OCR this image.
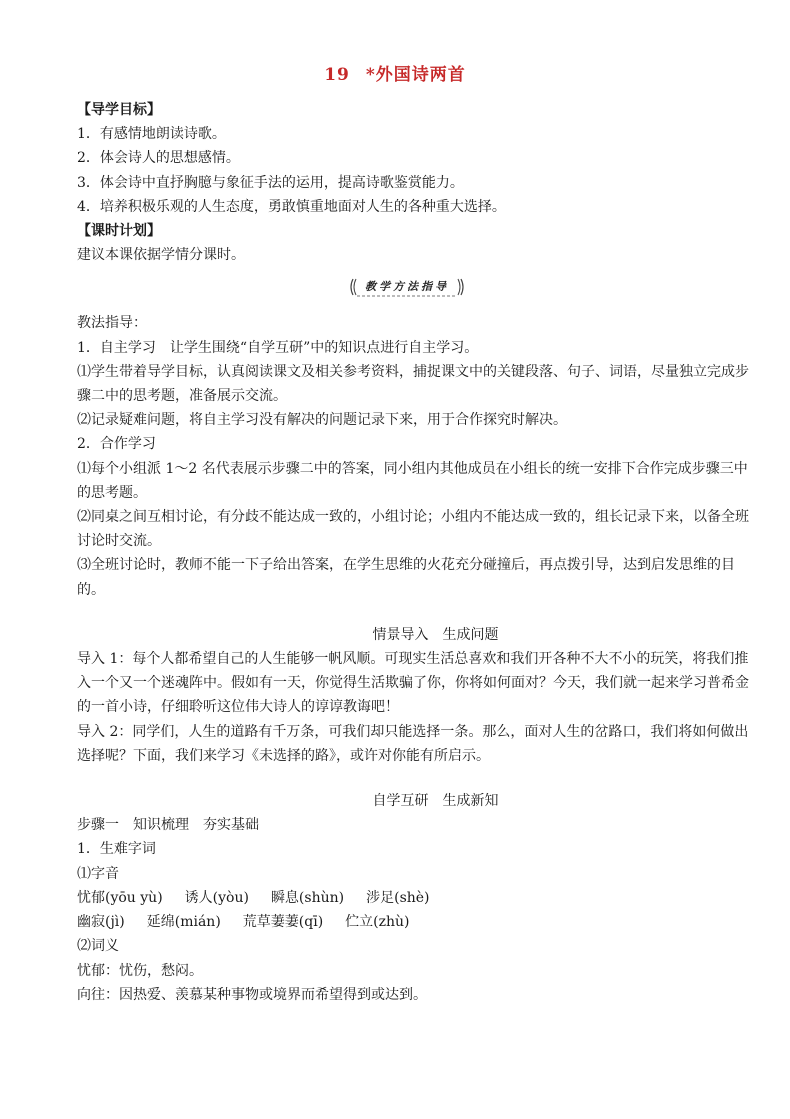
19 *外国诗两首
【导学目标】
1．有感情地朗读诗歌。
2．体会诗人的思想感情。
3．体会诗中直抒胸臆与象征手法的运用，提高诗歌鉴赏能力。
4．培养积极乐观的人生态度，勇敢慎重地面对人生的各种重大选择。
【课时计划】
建议本课依据学情分课时。
教学方法指导
教法指导：
1．自主学习　让学生围绕“自学互研”中的知识点进行自主学习。
⑴学生带着导学目标，认真阅读课文及相关参考资料，捕捉课文中的关键段落、句子、词语，尽量独立完成步骤二中的思考题，准备展示交流。
⑵记录疑难问题，将自主学习没有解决的问题记录下来，用于合作探究时解决。
2．合作学习
⑴每个小组派 1～2 名代表展示步骤二中的答案，同小组内其他成员在小组长的统一安排下合作完成步骤三中的思考题。
⑵同桌之间互相讨论，有分歧不能达成一致的，小组讨论；小组内不能达成一致的，组长记录下来，以备全班讨论时交流。
⑶全班讨论时，教师不能一下子给出答案，在学生思维的火花充分碰撞后，再点拨引导，达到启发思维的目的。
情景导入　生成问题
导入 1：每个人都希望自己的人生能够一帆风顺。可现实生活总喜欢和我们开各种不大不小的玩笑，将我们推入一个又一个迷魂阵中。假如有一天，你觉得生活欺骗了你，你将如何面对？今天，我们就一起来学习普希金的一首小诗，仔细聆听这位伟大诗人的谆谆教诲吧！
导入 2：同学们，人生的道路有千万条，可我们却只能选择一条。那么，面对人生的岔路口，我们将如何做出选择呢？下面，我们来学习《未选择的路》，或许对你能有所启示。
自学互研　生成新知
步骤一　知识梳理　夯实基础
1．生难字词
⑴字音
忧郁(yōu yù) 诱人(yòu) 瞬息(shùn) 涉足(shè)
幽寂(jì) 延绵(mián) 荒草萋萋(qī) 伫立(zhù)
⑵词义
忧郁：忧伤，愁闷。
向往：因热爱、羡慕某种事物或境界而希望得到或达到。
